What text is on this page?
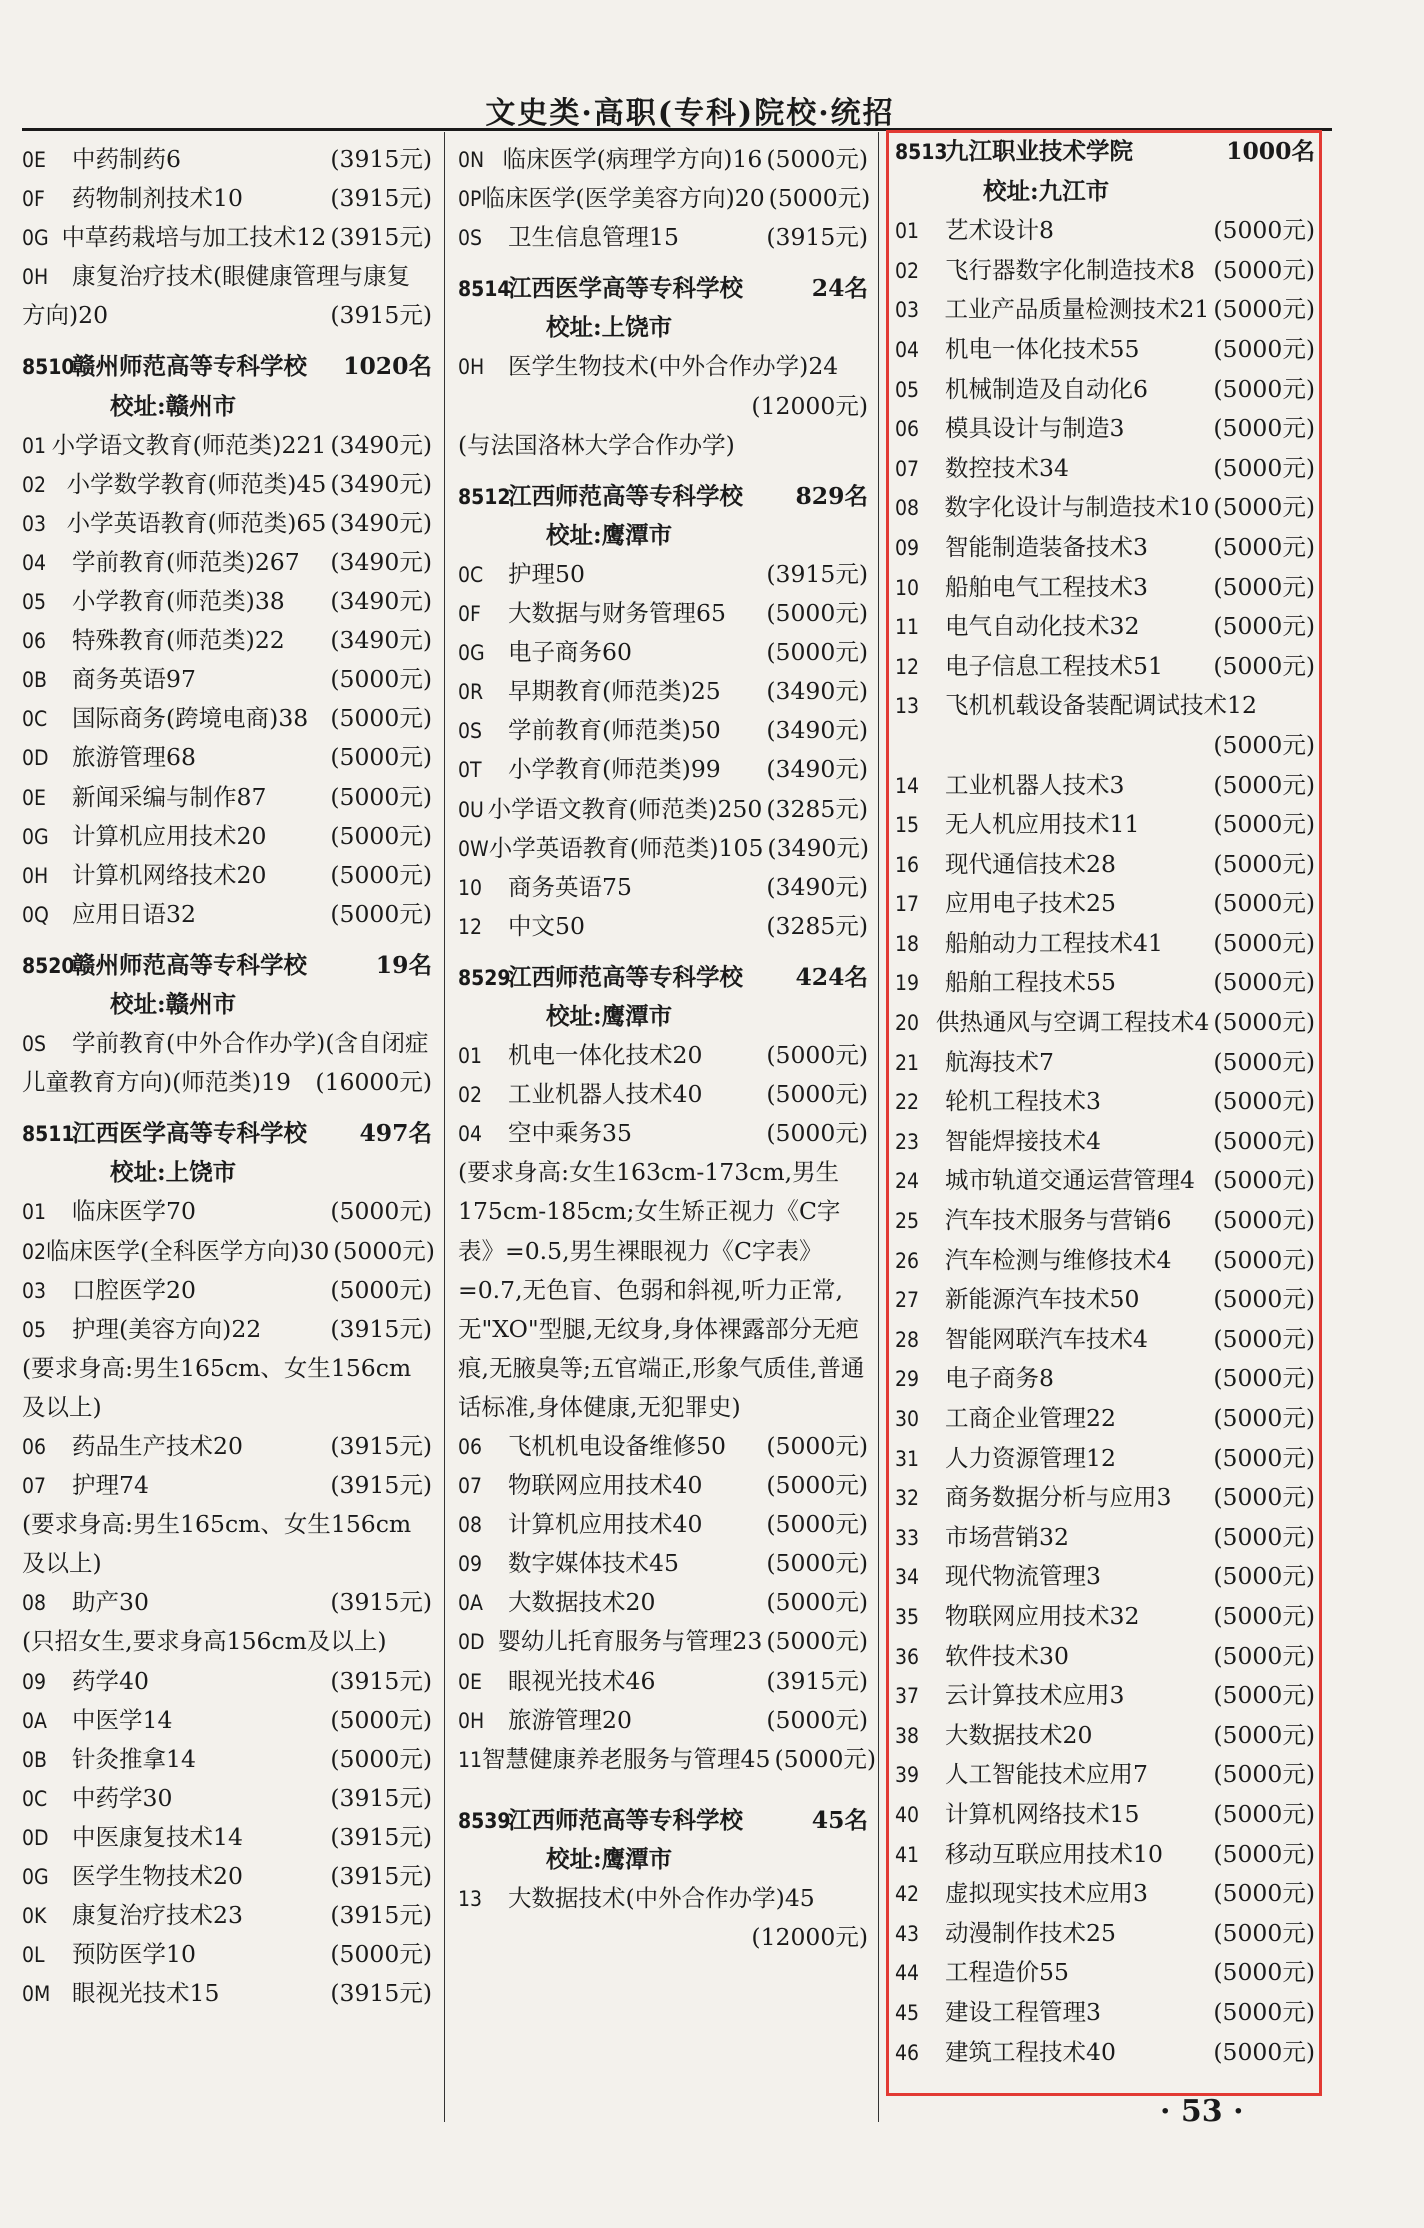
文史类·高职(专科)院校·统招
0E	中药制药6	(3915元)
0F	药物制剂技术10	(3915元)
0G 中草药栽培与加工技术12 (3915元)
0H	康复治疗技术(眼健康管理与康复
方向)20	(3915元)
8510
赣州师范高等专科学校	1020名
校址:赣州市
01 小学语文教育(师范类)221 (3490元)
02 小学数学教育(师范类)45 (3490元)
03 小学英语教育(师范类)65 (3490元)
04	学前教育(师范类)267	(3490元)
05	小学教育(师范类)38	(3490元)
06	特殊教育(师范类)22	(3490元)
0B	商务英语97	(5000元)
0C	国际商务(跨境电商)38 (5000元)
0D 旅游管理68	(5000元)
0E	新闻采编与制作87	(5000元)
0G 计算机应用技术20	(5000元)
0H	计算机网络技术20	(5000元)
0Q 应用日语32	(5000元)
8520
赣州师范高等专科学校	19名
校址:赣州市
0S	学前教育(中外合作办学)(含自闭症
儿童教育方向)(师范类)19	(16000元)
8511
江西医学高等专科学校	497名
校址:上饶市
01	临床医学70	(5000元)
02 临床医学(全科医学方向)30 (5000元)
03	口腔医学20	(5000元)
05	护理(美容方向)22	(3915元)
(要求身高:男生165cm、女生156cm及以上)
06	药品生产技术20	(3915元)
07	护理74	(3915元)
(要求身高:男生165cm、女生156cm及以上)
08	助产30	(3915元)
(只招女生,要求身高156cm及以上)
09	药学40	(3915元)
0A	中医学14	(5000元)
0B	针灸推拿14	(5000元)
0C	中药学30	(3915元)
0D 中医康复技术14	(3915元)
0G 医学生物技术20	(3915元)
0K	康复治疗技术23	(3915元)
0L	预防医学10	(5000元)
0M 眼视光技术15	(3915元)
0N 临床医学(病理学方向)16 (5000元)
0P 临床医学(医学美容方向)20 (5000元)
0S	卫生信息管理15	(3915元)
8514
江西医学高等专科学校	24名
校址:上饶市
0H	医学生物技术(中外合作办学)24
(12000元)
(与法国洛林大学合作办学)
8512
江西师范高等专科学校	829名
校址:鹰潭市
0C	护理50	(3915元)
0F	大数据与财务管理65	(5000元)
0G 电子商务60	(5000元)
0R	早期教育(师范类)25	(3490元)
0S	学前教育(师范类)50	(3490元)
0T	小学教育(师范类)99	(3490元)
0U 小学语文教育(师范类)250 (3285元)
0W 小学英语教育(师范类)105 (3490元)
10	商务英语75	(3490元)
12	中文50	(3285元)
8529
江西师范高等专科学校	424名
校址:鹰潭市
01	机电一体化技术20	(5000元)
02	工业机器人技术40	(5000元)
04	空中乘务35	(5000元)
(要求身高:女生163cm-173cm,男生175cm-185cm;女生矫正视力《C字表》=0.5,男生裸眼视力《C字表》=0.7,无色盲、色弱和斜视,听力正常,无"XO"型腿,无纹身,身体裸露部分无疤痕,无腋臭等;五官端正,形象气质佳,普通话标准,身体健康,无犯罪史)
06	飞机机电设备维修50	(5000元)
07	物联网应用技术40	(5000元)
08	计算机应用技术40	(5000元)
09	数字媒体技术45	(5000元)
0A	大数据技术20	(5000元)
0D 婴幼儿托育服务与管理23 (5000元)
0E	眼视光技术46	(3915元)
0H	旅游管理20	(5000元)
11 智慧健康养老服务与管理45 (5000元)
8539
江西师范高等专科学校	45名
校址:鹰潭市
13	大数据技术(中外合作办学)45
(12000元)
8513
九江职业技术学院	1000名
校址:九江市
01	艺术设计8	(5000元)
02	飞行器数字化制造技术8 (5000元)
03	工业产品质量检测技术21 (5000元)
04	机电一体化技术55	(5000元)
05	机械制造及自动化6	(5000元)
06	模具设计与制造3	(5000元)
07	数控技术34	(5000元)
08	数字化设计与制造技术10 (5000元)
09	智能制造装备技术3	(5000元)
10	船舶电气工程技术3	(5000元)
11	电气自动化技术32	(5000元)
12	电子信息工程技术51	(5000元)
13	飞机机载设备装配调试技术12
(5000元)
14	工业机器人技术3	(5000元)
15	无人机应用技术11	(5000元)
16	现代通信技术28	(5000元)
17	应用电子技术25	(5000元)
18	船舶动力工程技术41	(5000元)
19	船舶工程技术55	(5000元)
20 供热通风与空调工程技术4 (5000元)
21	航海技术7	(5000元)
22	轮机工程技术3	(5000元)
23	智能焊接技术4	(5000元)
24	城市轨道交通运营管理4 (5000元)
25	汽车技术服务与营销6	(5000元)
26	汽车检测与维修技术4	(5000元)
27	新能源汽车技术50	(5000元)
28	智能网联汽车技术4	(5000元)
29	电子商务8	(5000元)
30	工商企业管理22	(5000元)
31	人力资源管理12	(5000元)
32	商务数据分析与应用3	(5000元)
33	市场营销32	(5000元)
34	现代物流管理3	(5000元)
35	物联网应用技术32	(5000元)
36	软件技术30	(5000元)
37	云计算技术应用3	(5000元)
38	大数据技术20	(5000元)
39	人工智能技术应用7	(5000元)
40	计算机网络技术15	(5000元)
41	移动互联应用技术10	(5000元)
42	虚拟现实技术应用3	(5000元)
43	动漫制作技术25	(5000元)
44	工程造价55	(5000元)
45	建设工程管理3	(5000元)
46	建筑工程技术40	(5000元)
· 53 ·
